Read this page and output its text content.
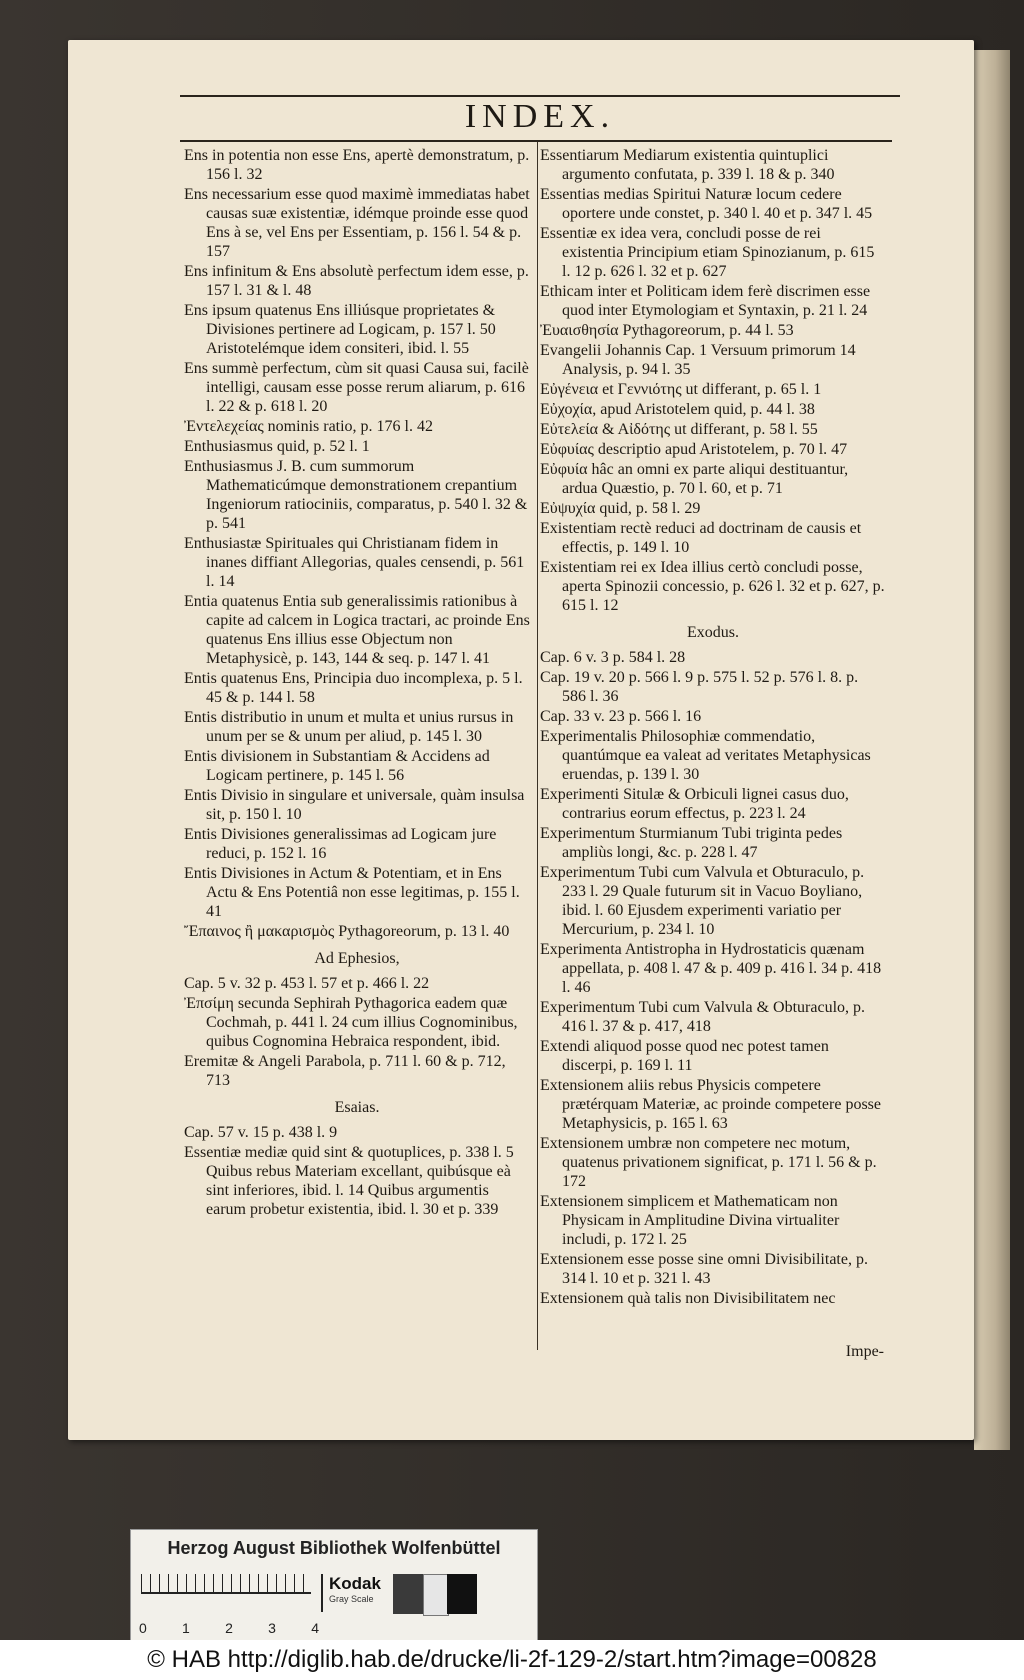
INDEX.
Ens in potentia non esse Ens, apertè demonstratum, p. 156 l. 32
Ens necessarium esse quod maximè immediatas habet causas suæ existentiæ, idémque proinde esse quod Ens à se, vel Ens per Essentiam, p. 156 l. 54 & p. 157
Ens infinitum & Ens absolutè perfectum idem esse, p. 157 l. 31 & l. 48
Ens ipsum quatenus Ens illiúsque proprietates & Divisiones pertinere ad Logicam, p. 157 l. 50 Aristotelémque idem consiteri, ibid. l. 55
Ens summè perfectum, cùm sit quasi Causa sui, facilè intelligi, causam esse posse rerum aliarum, p. 616 l. 22 & p. 618 l. 20
Ἐντελεχείας nominis ratio, p. 176 l. 42
Enthusiasmus quid, p. 52 l. 1
Enthusiasmus J. B. cum summorum Mathematicúmque demonstrationem crepantium Ingeniorum ratiociniis, comparatus, p. 540 l. 32 & p. 541
Enthusiastæ Spirituales qui Christianam fidem in inanes diffiant Allegorias, quales censendi, p. 561 l. 14
Entia quatenus Entia sub generalissimis rationibus à capite ad calcem in Logica tractari, ac proinde Ens quatenus Ens illius esse Objectum non Metaphysicè, p. 143, 144 & seq. p. 147 l. 41
Entis quatenus Ens, Principia duo incomplexa, p. 5 l. 45 & p. 144 l. 58
Entis distributio in unum et multa et unius rursus in unum per se & unum per aliud, p. 145 l. 30
Entis divisionem in Substantiam & Accidens ad Logicam pertinere, p. 145 l. 56
Entis Divisio in singulare et universale, quàm insulsa sit, p. 150 l. 10
Entis Divisiones generalissimas ad Logicam jure reduci, p. 152 l. 16
Entis Divisiones in Actum & Potentiam, et in Ens Actu & Ens Potentiâ non esse legitimas, p. 155 l. 41
Ἔπαινος ἢ μακαρισμὸς Pythagoreorum, p. 13 l. 40
Ad Ephesios,
Cap. 5 v. 32 p. 453 l. 57 et p. 466 l. 22
Ἐπσίμη secunda Sephirah Pythagorica eadem quæ Cochmah, p. 441 l. 24 cum illius Cognominibus, quibus Cognomina Hebraica respondent, ibid.
Eremitæ & Angeli Parabola, p. 711 l. 60 & p. 712, 713
Esaias.
Cap. 57 v. 15 p. 438 l. 9
Essentiæ mediæ quid sint & quotuplices, p. 338 l. 5 Quibus rebus Materiam excellant, quibúsque eà sint inferiores, ibid. l. 14 Quibus argumentis earum probetur existentia, ibid. l. 30 et p. 339
Essentiarum Mediarum existentia quintuplici argumento confutata, p. 339 l. 18 & p. 340
Essentias medias Spiritui Naturæ locum cedere oportere unde constet, p. 340 l. 40 et p. 347 l. 45
Essentiæ ex idea vera, concludi posse de rei existentia Principium etiam Spinozianum, p. 615 l. 12 p. 626 l. 32 et p. 627
Ethicam inter et Politicam idem ferè discrimen esse quod inter Etymologiam et Syntaxin, p. 21 l. 24
Ἐυαισθησία Pythagoreorum, p. 44 l. 53
Evangelii Johannis Cap. 1 Versuum primorum 14 Analysis, p. 94 l. 35
Εὐγένεια et Γεννιότης ut differant, p. 65 l. 1
Εὐχοχία, apud Aristotelem quid, p. 44 l. 38
Εὐτελεία & Αἰδότης ut differant, p. 58 l. 55
Εὐφυίας descriptio apud Aristotelem, p. 70 l. 47
Εὐφυία hâc an omni ex parte aliqui destituantur, ardua Quæstio, p. 70 l. 60, et p. 71
Εὐψυχία quid, p. 58 l. 29
Existentiam rectè reduci ad doctrinam de causis et effectis, p. 149 l. 10
Existentiam rei ex Idea illius certò concludi posse, aperta Spinozii concessio, p. 626 l. 32 et p. 627, p. 615 l. 12
Exodus.
Cap. 6 v. 3 p. 584 l. 28
Cap. 19 v. 20 p. 566 l. 9 p. 575 l. 52 p. 576 l. 8. p. 586 l. 36
Cap. 33 v. 23 p. 566 l. 16
Experimentalis Philosophiæ commendatio, quantúmque ea valeat ad veritates Metaphysicas eruendas, p. 139 l. 30
Experimenti Situlæ & Orbiculi lignei casus duo, contrarius eorum effectus, p. 223 l. 24
Experimentum Sturmianum Tubi triginta pedes ampliùs longi, &c. p. 228 l. 47
Experimentum Tubi cum Valvula et Obturaculo, p. 233 l. 29 Quale futurum sit in Vacuo Boyliano, ibid. l. 60 Ejusdem experimenti variatio per Mercurium, p. 234 l. 10
Experimenta Antistropha in Hydrostaticis quænam appellata, p. 408 l. 47 & p. 409 p. 416 l. 34 p. 418 l. 46
Experimentum Tubi cum Valvula & Obturaculo, p. 416 l. 37 & p. 417, 418
Extendi aliquod posse quod nec potest tamen discerpi, p. 169 l. 11
Extensionem aliis rebus Physicis competere prætérquam Materiæ, ac proinde competere posse Metaphysicis, p. 165 l. 63
Extensionem umbræ non competere nec motum, quatenus privationem significat, p. 171 l. 56 & p. 172
Extensionem simplicem et Mathematicam non Physicam in Amplitudine Divina virtualiter includi, p. 172 l. 25
Extensionem esse posse sine omni Divisibilitate, p. 314 l. 10 et p. 321 l. 43
Extensionem quà talis non Divisibilitatem nec
Impe-
Herzog August Bibliothek Wolfenbüttel
0	1	2	3	4
Kodak
Gray Scale
© HAB http://diglib.hab.de/drucke/li-2f-129-2/start.htm?image=00828
